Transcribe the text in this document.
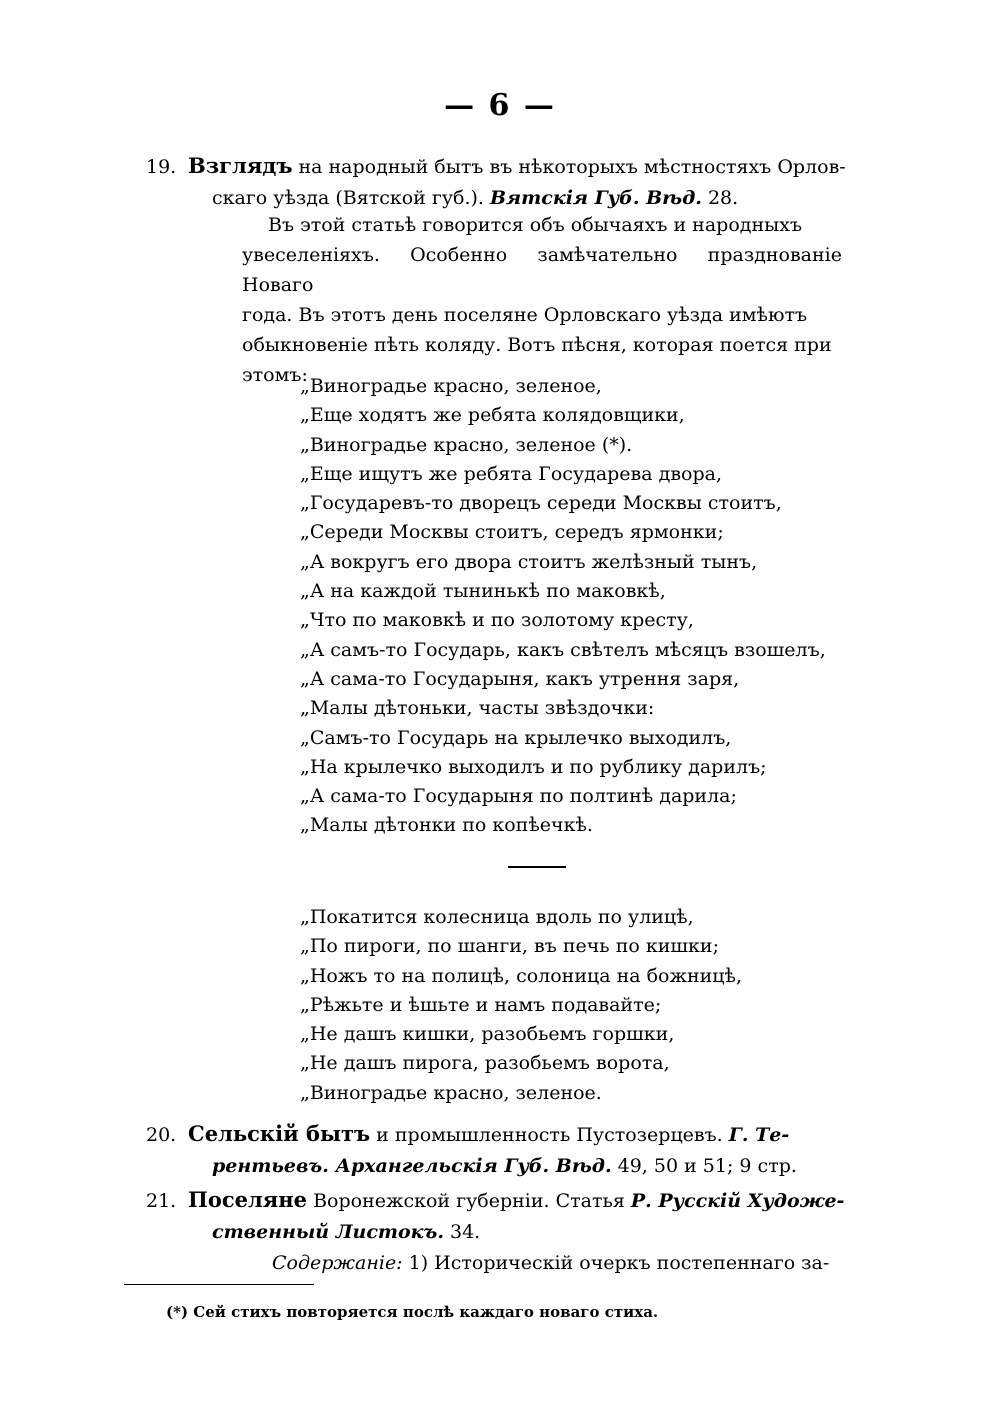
— 6 —
19. Взглядъ на народный бытъ въ нѣкоторыхъ мѣстностяхъ Орлов-
скаго уѣзда (Вятской губ.). Вятскія Губ. Вѣд. 28.
Въ этой статьѣ говорится объ обычаяхъ и народныхъ
увеселеніяхъ. Особенно замѣчательно празднованіе Новаго
года. Въ этотъ день поселяне Орловскаго уѣзда имѣютъ
обыкновеніе пѣть коляду. Вотъ пѣсня, которая поется при
этомъ:
„Виноградье красно, зеленое,
„Еще ходятъ же ребята колядовщики,
„Виноградье красно, зеленое (*).
„Еще ищутъ же ребята Государева двора,
„Государевъ-то дворецъ середи Москвы стоитъ,
„Середи Москвы стоитъ, середъ ярмонки;
„А вокругъ его двора стоитъ желѣзный тынъ,
„А на каждой тынинькѣ по маковкѣ,
„Что по маковкѣ и по золотому кресту,
„А самъ-то Государь, какъ свѣтелъ мѣсяцъ взошелъ,
„А сама-то Государыня, какъ утрення заря,
„Малы дѣтоньки, часты звѣздочки:
„Самъ-то Государь на крылечко выходилъ,
„На крылечко выходилъ и по рублику дарилъ;
„А сама-то Государыня по полтинѣ дарила;
„Малы дѣтонки по копѣечкѣ.
„Покатится колесница вдоль по улицѣ,
„По пироги, по шанги, въ печь по кишки;
„Ножъ то на полицѣ, солоница на божницѣ,
„Рѣжьте и ѣшьте и намъ подавайте;
„Не дашъ кишки, разобьемъ горшки,
„Не дашъ пирога, разобьемъ ворота,
„Виноградье красно, зеленое.
20. Сельскій бытъ и промышленность Пустозерцевъ. Г. Те-
рентьевъ. Архангельскія Губ. Вѣд. 49, 50 и 51; 9 стр.
21. Поселяне Воронежской губерніи. Статья Р. Русскій Художе-
ственный Листокъ. 34.
Содержаніе: 1) Историческій очеркъ постепеннаго за-
(*) Сей стихъ повторяется послѣ каждаго новаго стиха.
